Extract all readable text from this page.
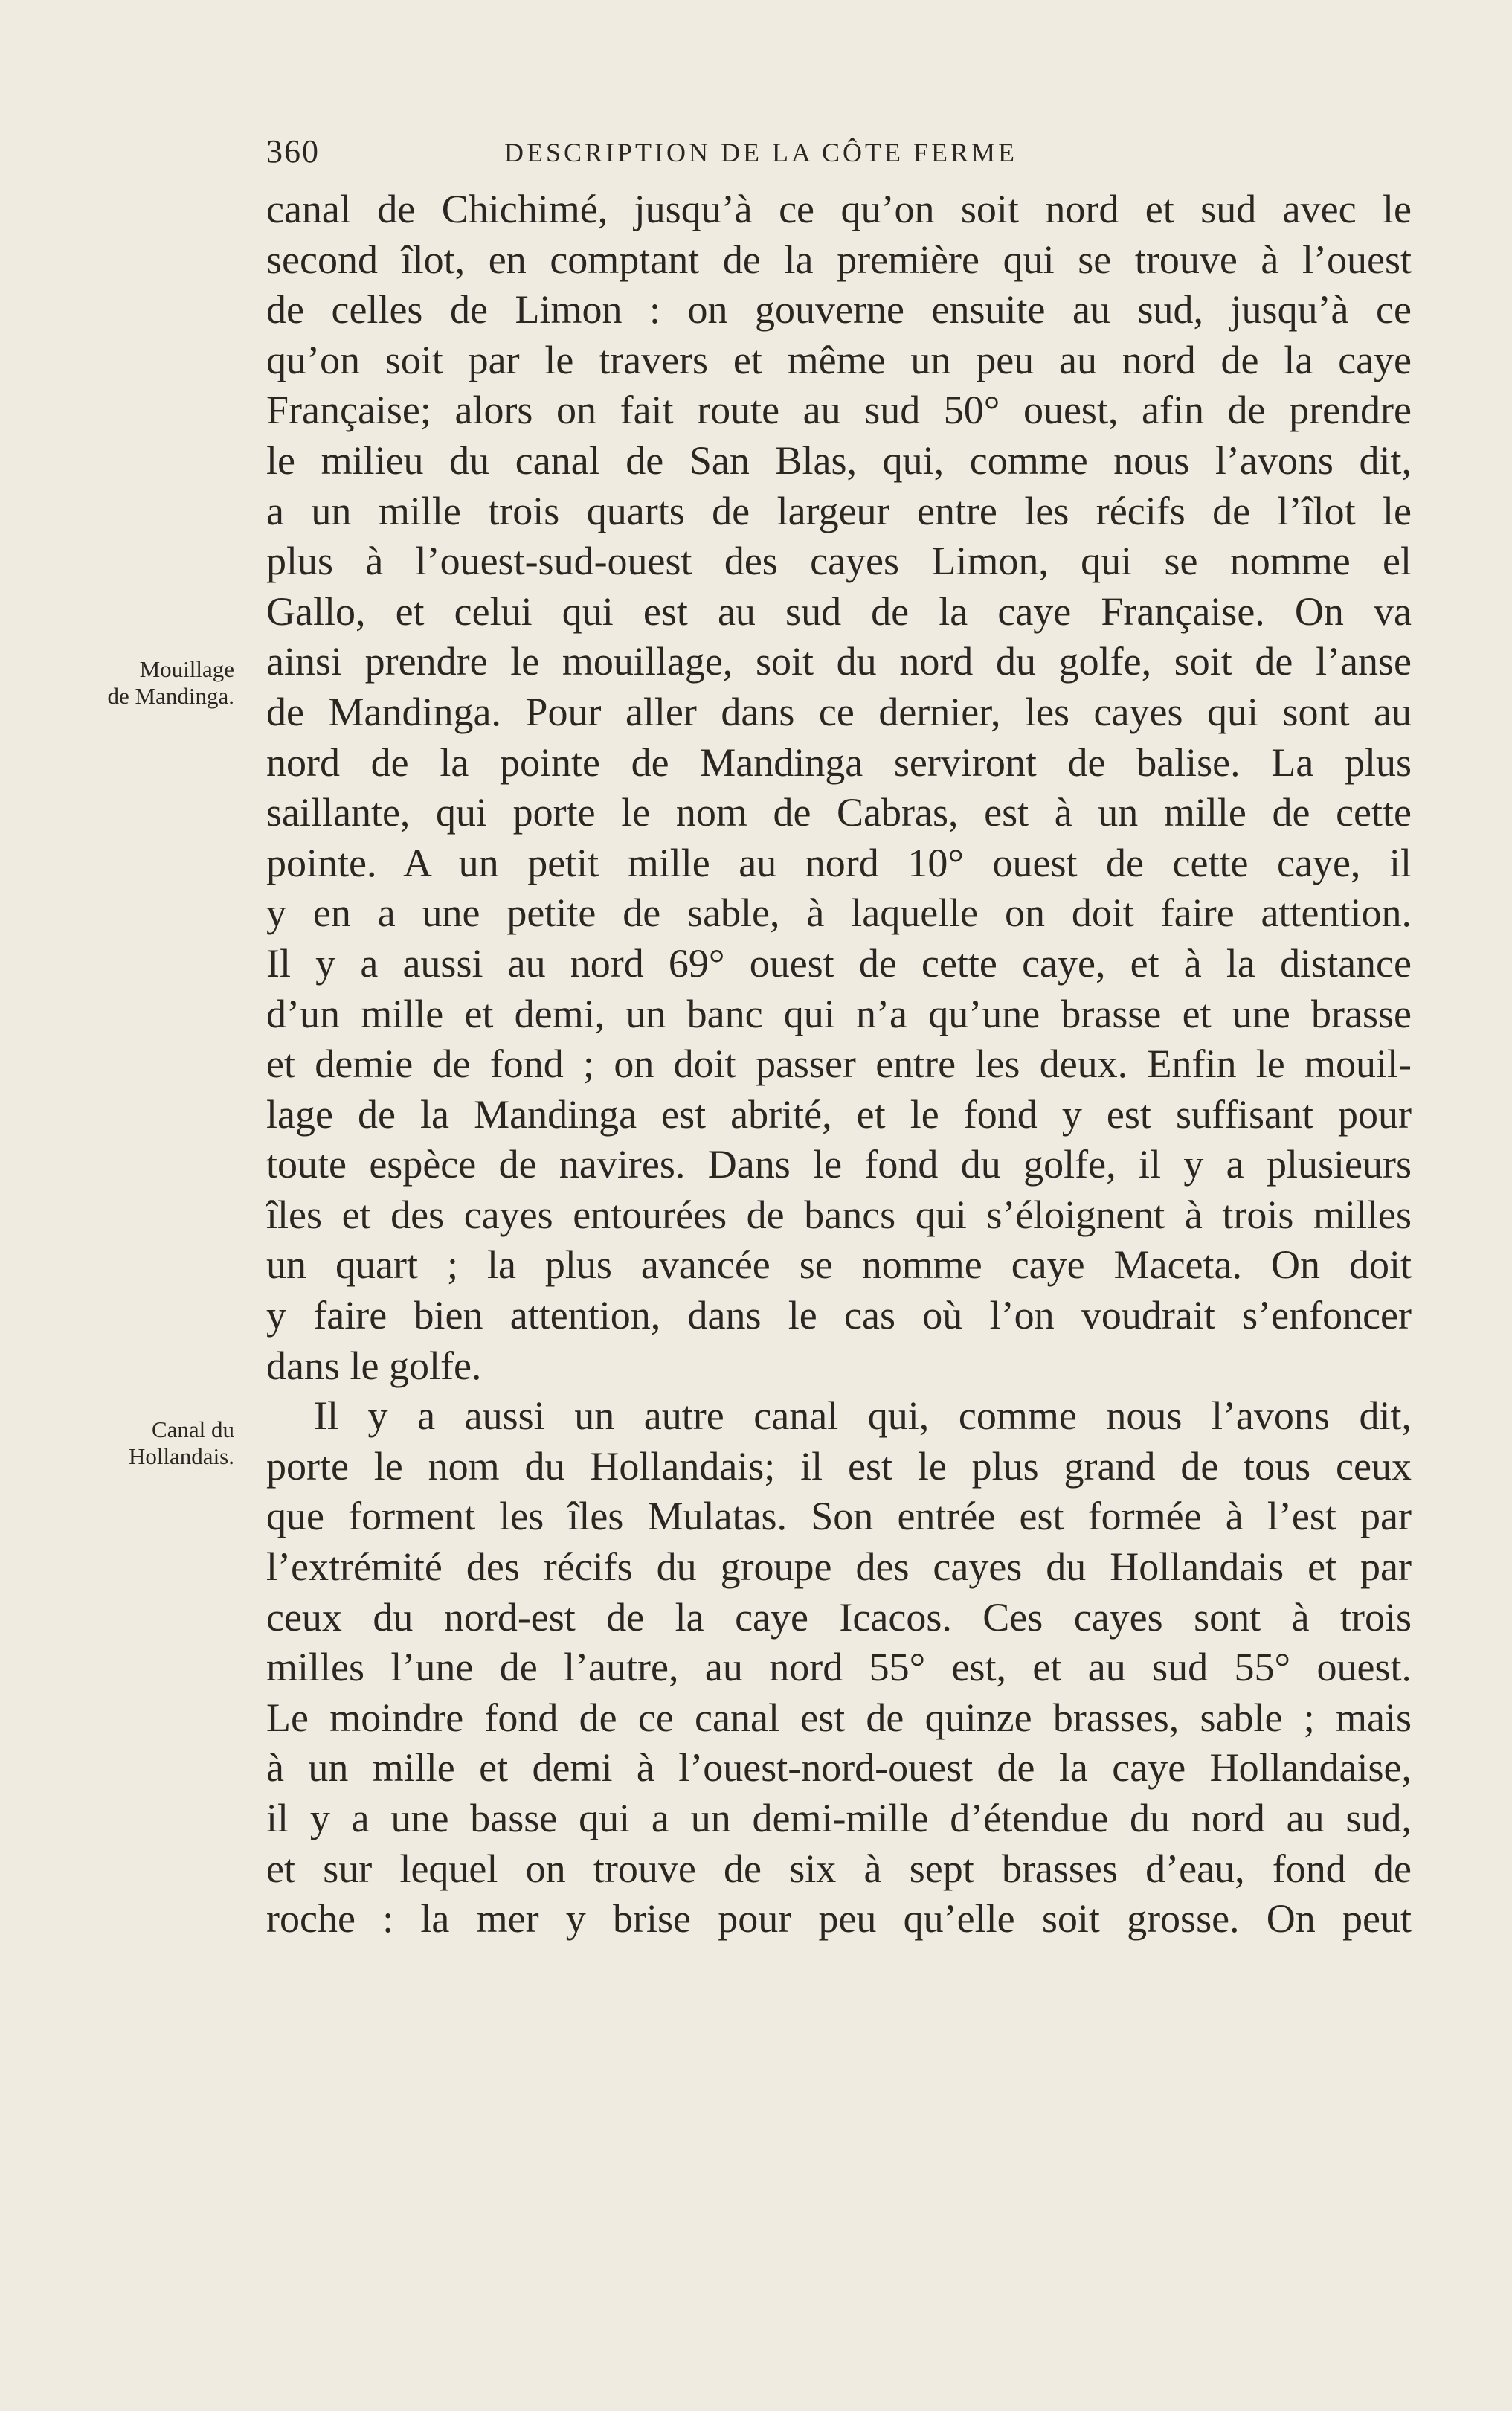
360	DESCRIPTION DE LA CÔTE FERME
Mouillage
de Mandinga.
Canal du
Hollandais.
canal de Chichimé, jusqu’à ce qu’on soit nord et sud avec le
second îlot, en comptant de la première qui se trouve à l’ouest
de celles de Limon : on gouverne ensuite au sud, jusqu’à ce
qu’on soit par le travers et même un peu au nord de la caye
Française; alors on fait route au sud 50° ouest, afin de prendre
le milieu du canal de San Blas, qui, comme nous l’avons dit,
a un mille trois quarts de largeur entre les récifs de l’îlot le
plus à l’ouest-sud-ouest des cayes Limon, qui se nomme el
Gallo, et celui qui est au sud de la caye Française. On va
ainsi prendre le mouillage, soit du nord du golfe, soit de l’anse
de Mandinga. Pour aller dans ce dernier, les cayes qui sont au
nord de la pointe de Mandinga serviront de balise. La plus
saillante, qui porte le nom de Cabras, est à un mille de cette
pointe. A un petit mille au nord 10° ouest de cette caye, il
y en a une petite de sable, à laquelle on doit faire attention.
Il y a aussi au nord 69° ouest de cette caye, et à la distance
d’un mille et demi, un banc qui n’a qu’une brasse et une brasse
et demie de fond ; on doit passer entre les deux. Enfin le mouil-
lage de la Mandinga est abrité, et le fond y est suffisant pour
toute espèce de navires. Dans le fond du golfe, il y a plusieurs
îles et des cayes entourées de bancs qui s’éloignent à trois milles
un quart ; la plus avancée se nomme caye Maceta. On doit
y faire bien attention, dans le cas où l’on voudrait s’enfoncer
dans le golfe.
Il y a aussi un autre canal qui, comme nous l’avons dit,
porte le nom du Hollandais; il est le plus grand de tous ceux
que forment les îles Mulatas. Son entrée est formée à l’est par
l’extrémité des récifs du groupe des cayes du Hollandais et par
ceux du nord-est de la caye Icacos. Ces cayes sont à trois
milles l’une de l’autre, au nord 55° est, et au sud 55° ouest.
Le moindre fond de ce canal est de quinze brasses, sable ; mais
à un mille et demi à l’ouest-nord-ouest de la caye Hollandaise,
il y a une basse qui a un demi-mille d’étendue du nord au sud,
et sur lequel on trouve de six à sept brasses d’eau, fond de
roche : la mer y brise pour peu qu’elle soit grosse. On peut
